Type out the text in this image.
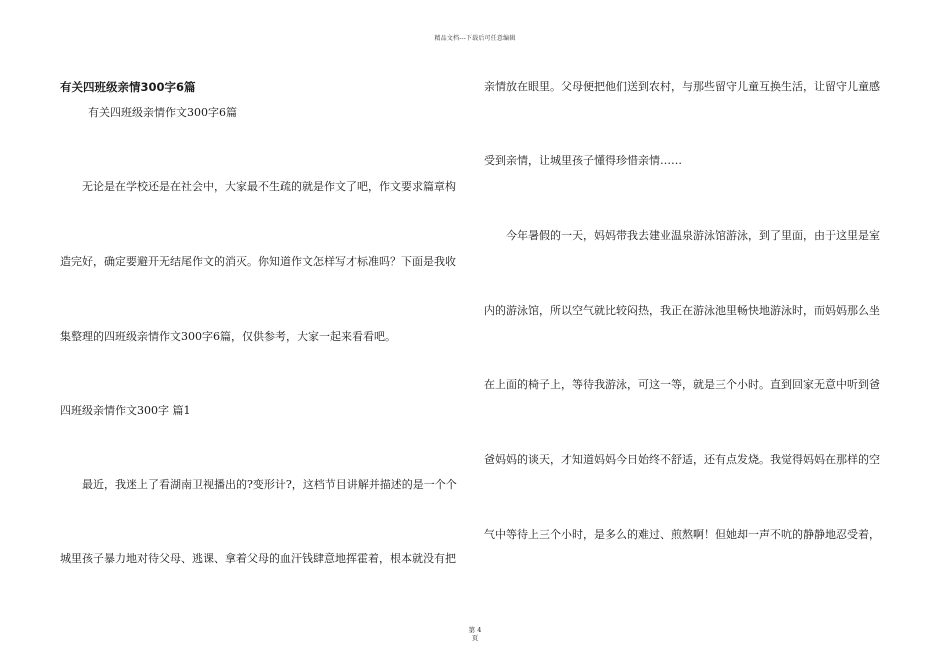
精品文档---下载后可任意编辑
有关四班级亲情300字6篇
有关四班级亲情作文300字6篇
无论是在学校还是在社会中，大家最不生疏的就是作文了吧，作文要求篇章构
造完好，确定要避开无结尾作文的消灭。你知道作文怎样写才标准吗？下面是我收
集整理的四班级亲情作文300字6篇，仅供参考，大家一起来看看吧。
四班级亲情作文300字 篇1
最近，我迷上了看湖南卫视播出的?变形计?，这档节目讲解并描述的是一个个
城里孩子暴力地对待父母、逃课、拿着父母的血汗钱肆意地挥霍着，根本就没有把
亲情放在眼里。父母便把他们送到农村，与那些留守儿童互换生活，让留守儿童感
受到亲情，让城里孩子懂得珍惜亲情……
今年暑假的一天，妈妈带我去建业温泉游泳馆游泳，到了里面，由于这里是室
内的游泳馆，所以空气就比较闷热，我正在游泳池里畅快地游泳时，而妈妈那么坐
在上面的椅子上，等待我游泳，可这一等，就是三个小时。直到回家无意中听到爸
爸妈妈的谈天，才知道妈妈今日始终不舒适，还有点发烧。我觉得妈妈在那样的空
气中等待上三个小时，是多么的难过、煎熬啊！但她却一声不吭的静静地忍受着，
第 4
页
